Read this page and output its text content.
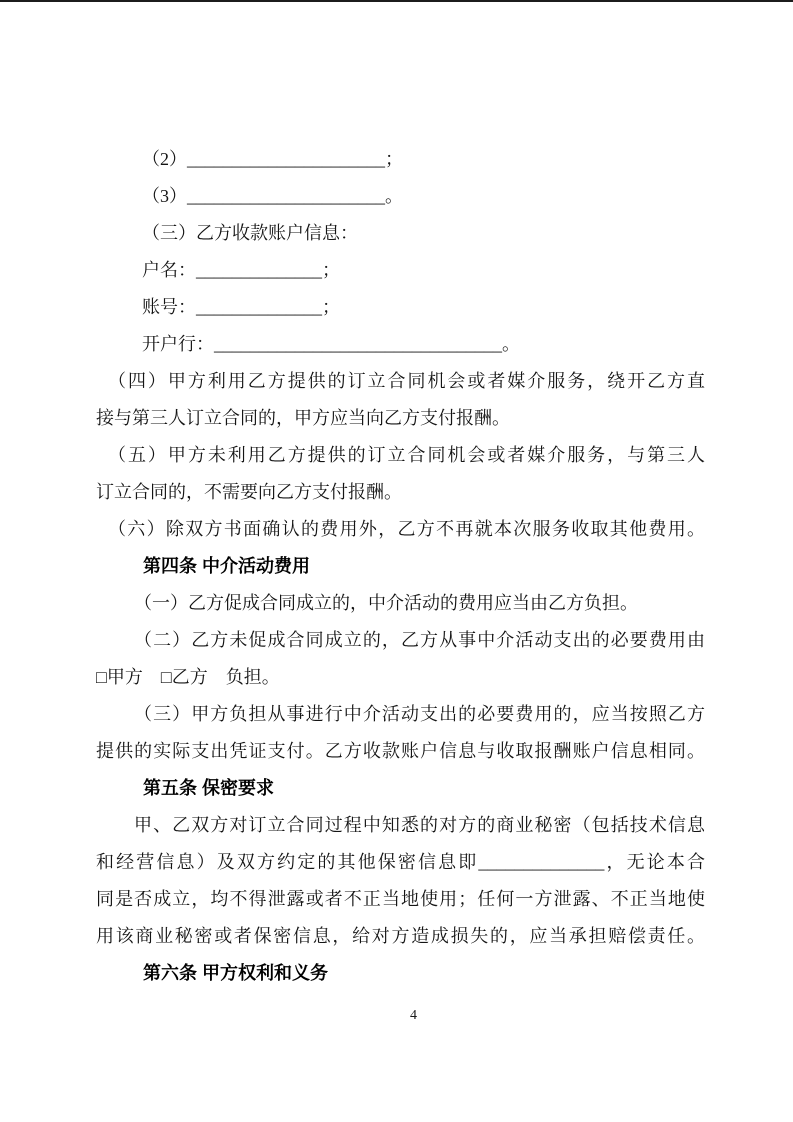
（2）______________________；
（3）______________________。
（三）乙方收款账户信息：
户名：______________；
账号：______________；
开户行：________________________________。
（四）甲方利用乙方提供的订立合同机会或者媒介服务，绕开乙方直
接与第三人订立合同的，甲方应当向乙方支付报酬。
（五）甲方未利用乙方提供的订立合同机会或者媒介服务，与第三人
订立合同的，不需要向乙方支付报酬。
（六）除双方书面确认的费用外，乙方不再就本次服务收取其他费用。
第四条 中介活动费用
（一）乙方促成合同成立的，中介活动的费用应当由乙方负担。
（二）乙方未促成合同成立的，乙方从事中介活动支出的必要费用由
□甲方　□乙方　负担。
（三）甲方负担从事进行中介活动支出的必要费用的，应当按照乙方
提供的实际支出凭证支付。乙方收款账户信息与收取报酬账户信息相同。
第五条 保密要求
甲、乙双方对订立合同过程中知悉的对方的商业秘密（包括技术信息
和经营信息）及双方约定的其他保密信息即______________，无论本合
同是否成立，均不得泄露或者不正当地使用；任何一方泄露、不正当地使
用该商业秘密或者保密信息，给对方造成损失的，应当承担赔偿责任。
第六条 甲方权利和义务
4
